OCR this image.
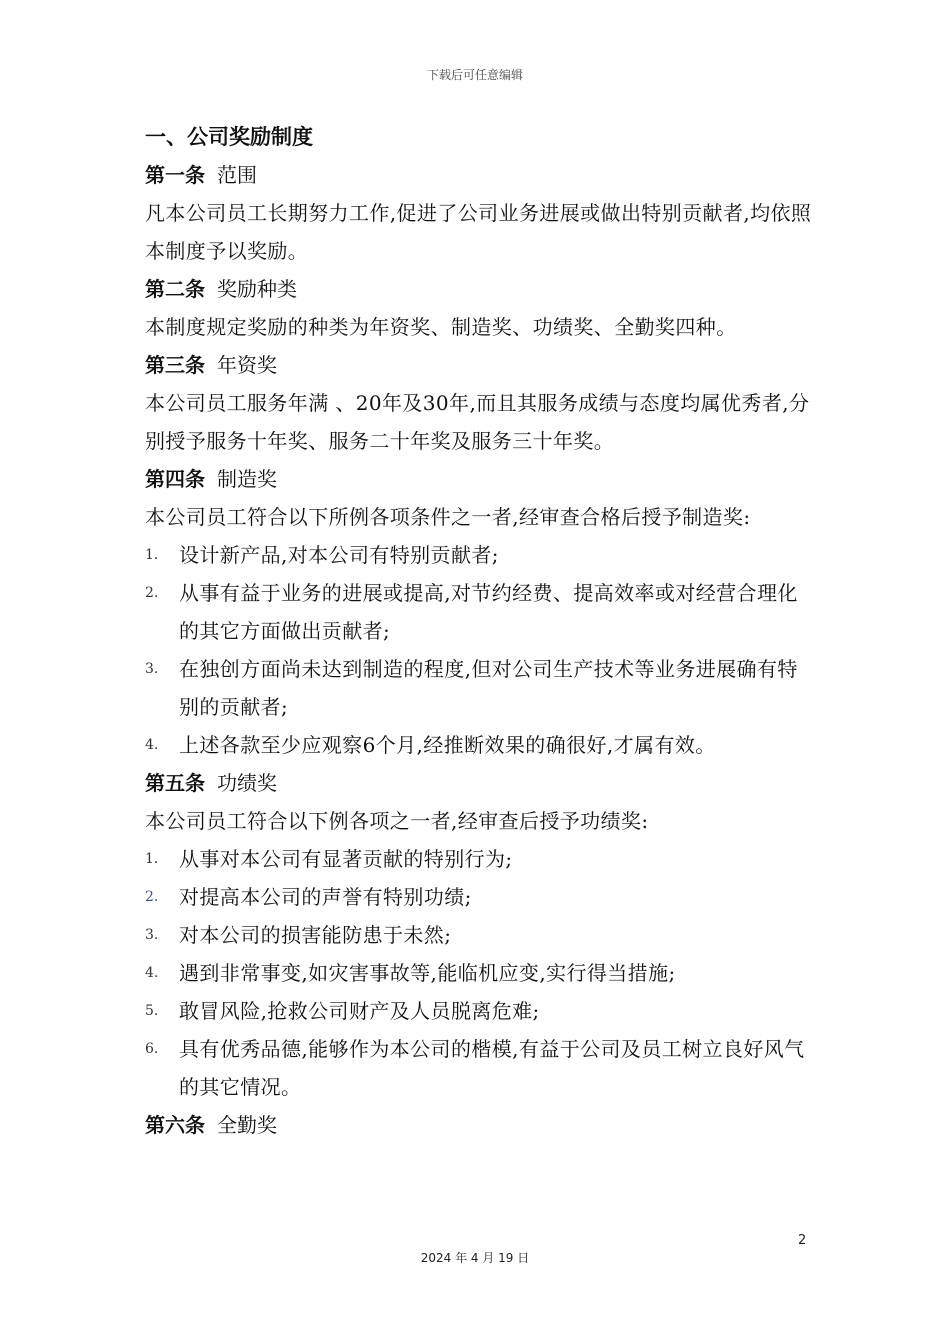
下载后可任意编辑
一、公司奖励制度
第一条 范围
凡本公司员工长期努力工作,促进了公司业务进展或做出特别贡献者,均依照本制度予以奖励。
第二条 奖励种类
本制度规定奖励的种类为年资奖、制造奖、功绩奖、全勤奖四种。
第三条 年资奖
本公司员工服务年满 、20年及30年,而且其服务成绩与态度均属优秀者,分别授予服务十年奖、服务二十年奖及服务三十年奖。
第四条 制造奖
本公司员工符合以下所例各项条件之一者,经审查合格后授予制造奖:
1.	设计新产品,对本公司有特别贡献者;
2.	从事有益于业务的进展或提高,对节约经费、提高效率或对经营合理化的其它方面做出贡献者;
3.	在独创方面尚未达到制造的程度,但对公司生产技术等业务进展确有特别的贡献者;
4.	上述各款至少应观察6个月,经推断效果的确很好,才属有效。
第五条 功绩奖
本公司员工符合以下例各项之一者,经审查后授予功绩奖:
1.	从事对本公司有显著贡献的特别行为;
2.	对提高本公司的声誉有特别功绩;
3.	对本公司的损害能防患于未然;
4.	遇到非常事变,如灾害事故等,能临机应变,实行得当措施;
5.	敢冒风险,抢救公司财产及人员脱离危难;
6.	具有优秀品德,能够作为本公司的楷模,有益于公司及员工树立良好风气的其它情况。
第六条 全勤奖
2
2024 年 4 月 19 日
